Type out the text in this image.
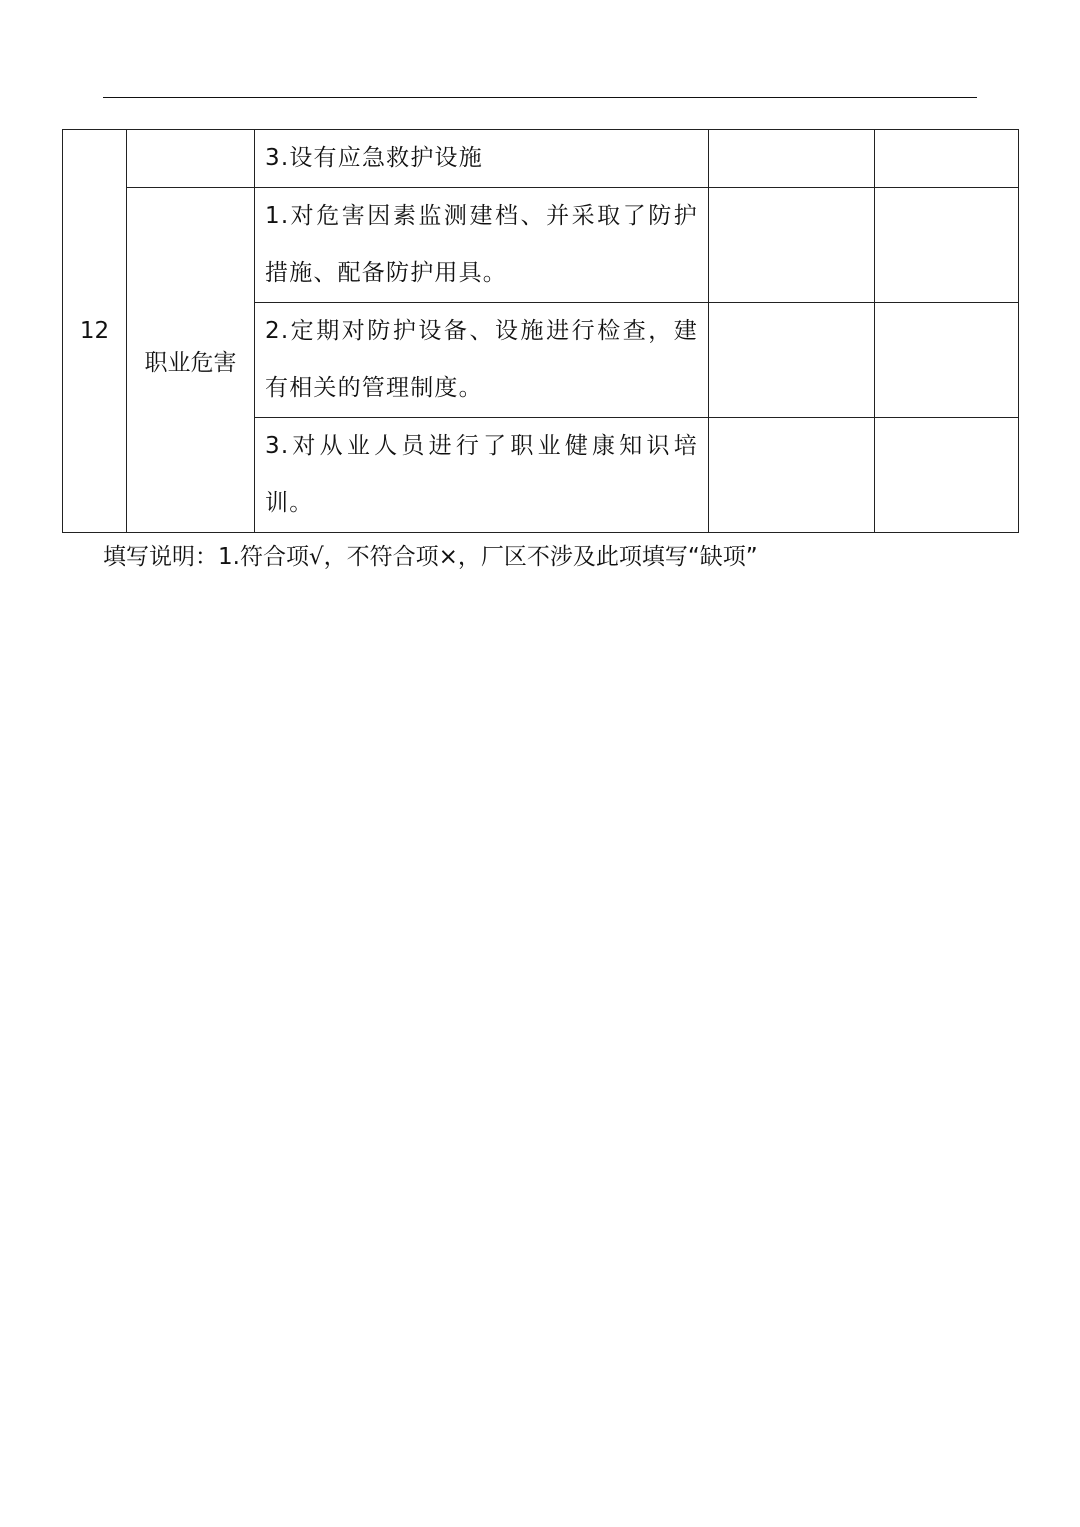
12		3.设有应急救护设施		
	职业危害	1.对危害因素监测建档、并采取了防护措施、配备防护用具。		
		2.定期对防护设备、设施进行检查，建有相关的管理制度。		
		3.对从业人员进行了职业健康知识培训。		
填写说明：1.符合项√，不符合项×，厂区不涉及此项填写“缺项”
